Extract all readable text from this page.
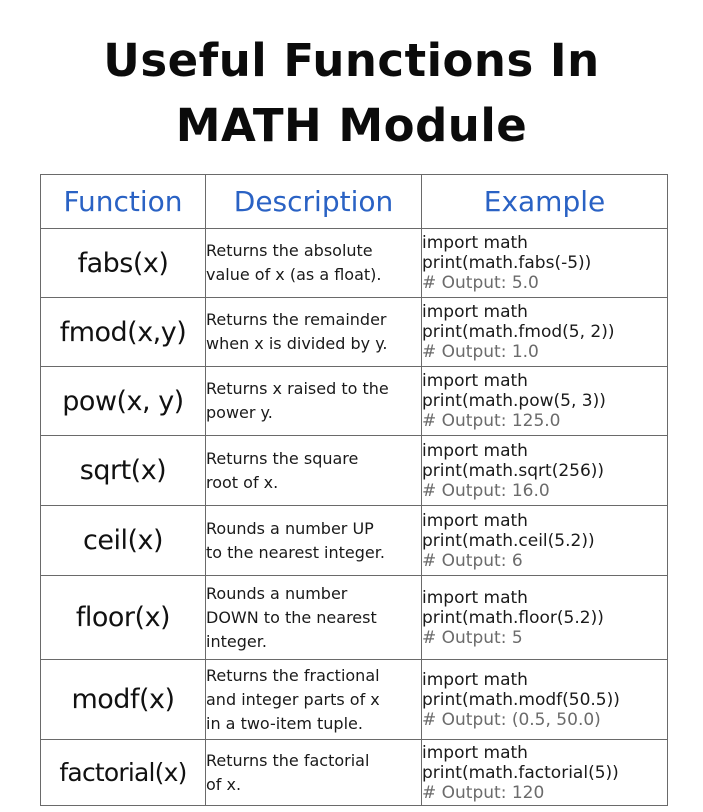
Useful Functions In
MATH Module
Function	Description	Example
fabs(x)	Returns the absolute
value of x (as a float).	import math
print(math.fabs(-5))
# Output: 5.0

fmod(x,y)	Returns the remainder
when x is divided by y.	import math
print(math.fmod(5, 2))
# Output: 1.0

pow(x, y)	Returns x raised to the
power y.	import math
print(math.pow(5, 3))
# Output: 125.0

sqrt(x)	Returns the square
root of x.	import math
print(math.sqrt(256))
# Output: 16.0

ceil(x)	Rounds a number UP
to the nearest integer.	import math
print(math.ceil(5.2))
# Output: 6

floor(x)	Rounds a number
DOWN to the nearest
integer.	import math
print(math.floor(5.2))
# Output: 5

modf(x)	Returns the fractional
and integer parts of x
in a two-item tuple.	import math
print(math.modf(50.5))
# Output: (0.5, 50.0)

factorial(x)	Returns the factorial
of x.	import math
print(math.factorial(5))
# Output: 120
